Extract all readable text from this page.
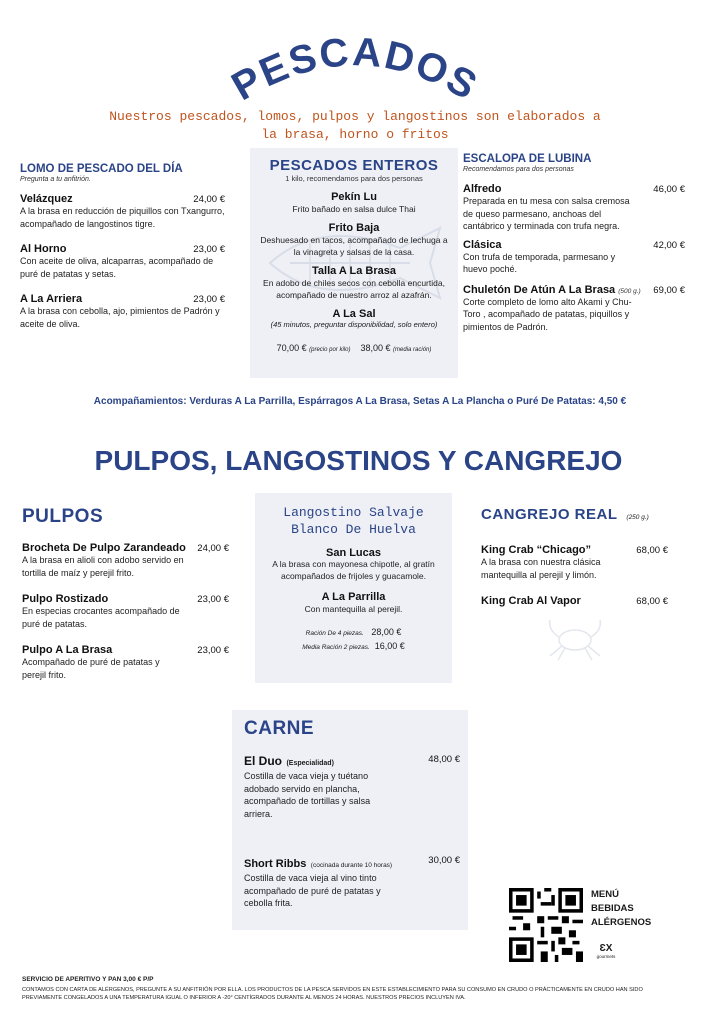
PESCADOS
Nuestros pescados, lomos, pulpos y langostinos son elaborados a la brasa, horno o fritos
LOMO DE PESCADO DEL DÍA
Pregunta a tu anfitrión.
Velázquez	24,00 €
A la brasa en reducción de piquillos con Txangurro, acompañado de langostinos tigre.
Al Horno	23,00 €
Con aceite de oliva, alcaparras, acompañado de puré de patatas y setas.
A La Arriera	23,00 €
A la brasa con cebolla, ajo, pimientos de Padrón y aceite de oliva.
PESCADOS ENTEROS
1 kilo, recomendamos para dos personas
Pekín Lu
Frito bañado en salsa dulce Thai
Frito Baja
Deshuesado en tacos, acompañado de lechuga a la vinagreta y salsas de la casa.
Talla A La Brasa
En adobo de chiles secos con cebolla encurtida, acompañado de nuestro arroz al azafrán.
A La Sal
(45 minutos, preguntar disponibilidad, solo entero)
70,00 € (precio por kilo) 38,00 € (media ración)
ESCALOPA DE LUBINA
Recomendamos para dos personas
Alfredo	46,00 €
Preparada en tu mesa con salsa cremosa de queso parmesano, anchoas del cantábrico y terminada con trufa negra.
Clásica	42,00 €
Con trufa de temporada, parmesano y huevo poché.
Chuletón De Atún A La Brasa (500 g.)	69,00 €
Corte completo de lomo alto Akami y Chu-Toro , acompañado de patatas, piquillos y pimientos de Padrón.
Acompañamientos: Verduras A La Parrilla, Espárragos A La Brasa, Setas A La Plancha o Puré De Patatas: 4,50 €
PULPOS, LANGOSTINOS Y CANGREJO
PULPOS
Brocheta De Pulpo Zarandeado	24,00 €
A la brasa en alioli con adobo servido en tortilla de maíz y perejil frito.
Pulpo Rostizado	23,00 €
En especias crocantes acompañado de puré de patatas.
Pulpo A La Brasa	23,00 €
Acompañado de puré de patatas y perejil frito.
Langostino Salvaje Blanco De Huelva
San Lucas
A la brasa con mayonesa chipotle, al gratín acompañados de frijoles y guacamole.
A La Parrilla
Con mantequilla al perejil.
Ración De 4 piezas. 28,00 €
Media Ración 2 piezas. 16,00 €
CANGREJO REAL (250 g.)
King Crab “Chicago”	68,00 €
A la brasa con nuestra clásica mantequilla al perejil y limón.
King Crab Al Vapor	68,00 €
CARNE
El Duo (Especialidad)	48,00 €
Costilla de vaca vieja y tuétano adobado servido en plancha, acompañado de tortillas y salsa arriera.
Short Ribbs (cocinada durante 10 horas)	30,00 €
Costilla de vaca vieja al vino tinto acompañado de puré de patatas y cebolla frita.
MENÚ
BEBIDAS
ALÉRGENOS
ƐX
gourmets
SERVICIO DE APERITIVO Y PAN 3,00 € P/P
CONTAMOS CON CARTA DE ALÉRGENOS, PREGUNTE A SU ANFITRIÓN POR ELLA. LOS PRODUCTOS DE LA PESCA SERVIDOS EN ESTE ESTABLECIMIENTO PARA SU CONSUMO EN CRUDO O PRÁCTICAMENTE EN CRUDO HAN SIDO PREVIAMENTE CONGELADOS A UNA TEMPERATURA IGUAL O INFERIOR A -20° CENTÍGRADOS DURANTE AL MENOS 24 HORAS. NUESTROS PRECIOS INCLUYEN IVA.
